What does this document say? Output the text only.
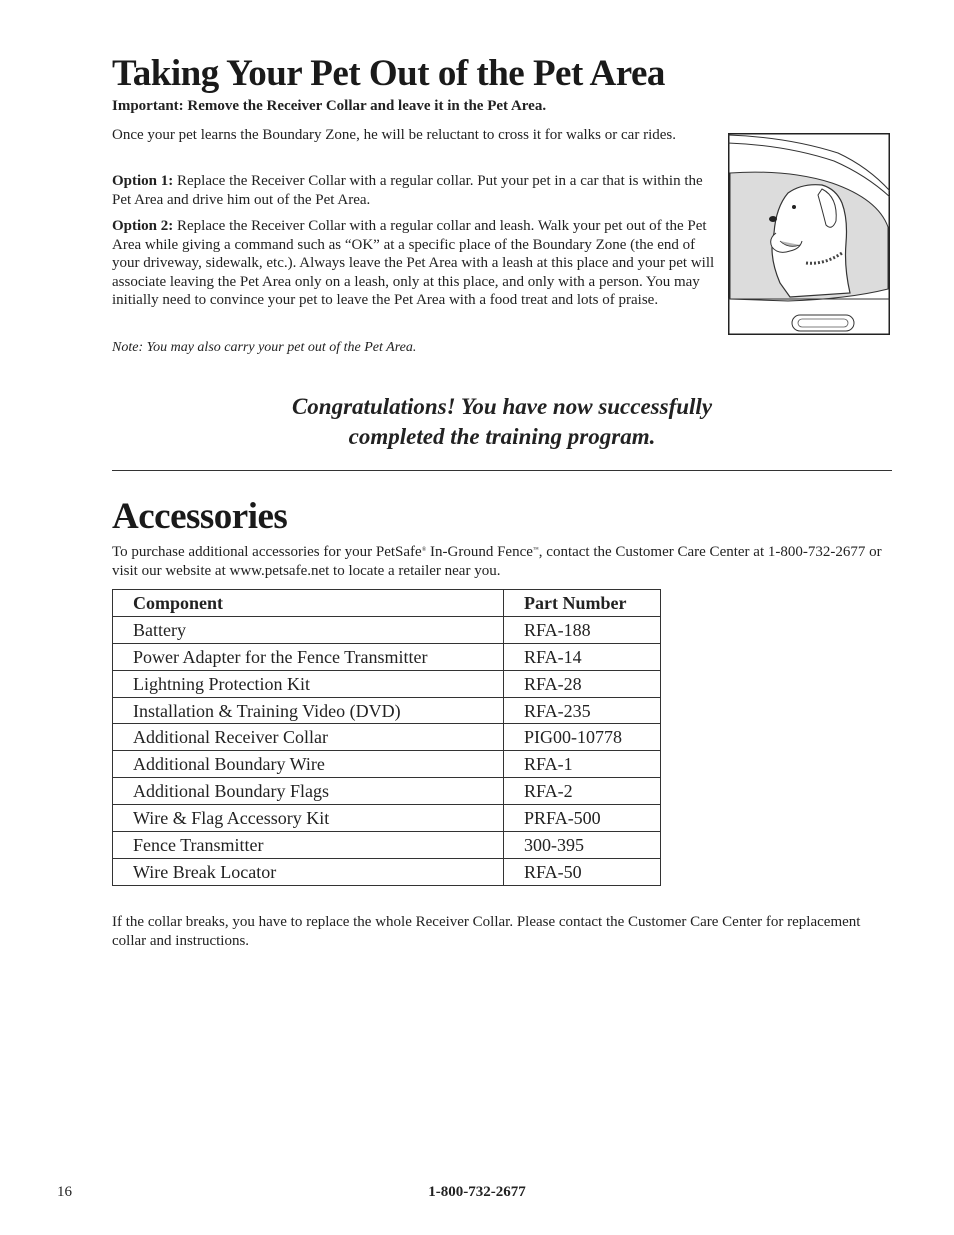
Taking Your Pet Out of the Pet Area
Important: Remove the Receiver Collar and leave it in the Pet Area.
Once your pet learns the Boundary Zone, he will be reluctant to cross it for walks or car rides.
Option 1: Replace the Receiver Collar with a regular collar. Put your pet in a car that is within the Pet Area and drive him out of the Pet Area.
Option 2: Replace the Receiver Collar with a regular collar and leash. Walk your pet out of the Pet Area while giving a command such as “OK” at a specific place of the Boundary Zone (the end of your driveway, sidewalk, etc.). Always leave the Pet Area with a leash at this place and your pet will associate leaving the Pet Area only on a leash, only at this place, and only with a person. You may initially need to convince your pet to leave the Pet Area with a food treat and lots of praise.
Note: You may also carry your pet out of the Pet Area.
Congratulations! You have now successfully
completed the training program.
Accessories
To purchase additional accessories for your PetSafe® In-Ground Fence™, contact the Customer Care Center at 1-800-732-2677 or visit our website at www.petsafe.net to locate a retailer near you.
Component	Part Number
Battery	RFA-188
Power Adapter for the Fence Transmitter	RFA-14
Lightning Protection Kit	RFA-28
Installation & Training Video (DVD)	RFA-235
Additional Receiver Collar	PIG00-10778
Additional Boundary Wire	RFA-1
Additional Boundary Flags	RFA-2
Wire & Flag Accessory Kit	PRFA-500
Fence Transmitter	300-395
Wire Break Locator	RFA-50
If the collar breaks, you have to replace the whole Receiver Collar. Please contact the Customer Care Center for replacement collar and instructions.
16	1-800-732-2677
